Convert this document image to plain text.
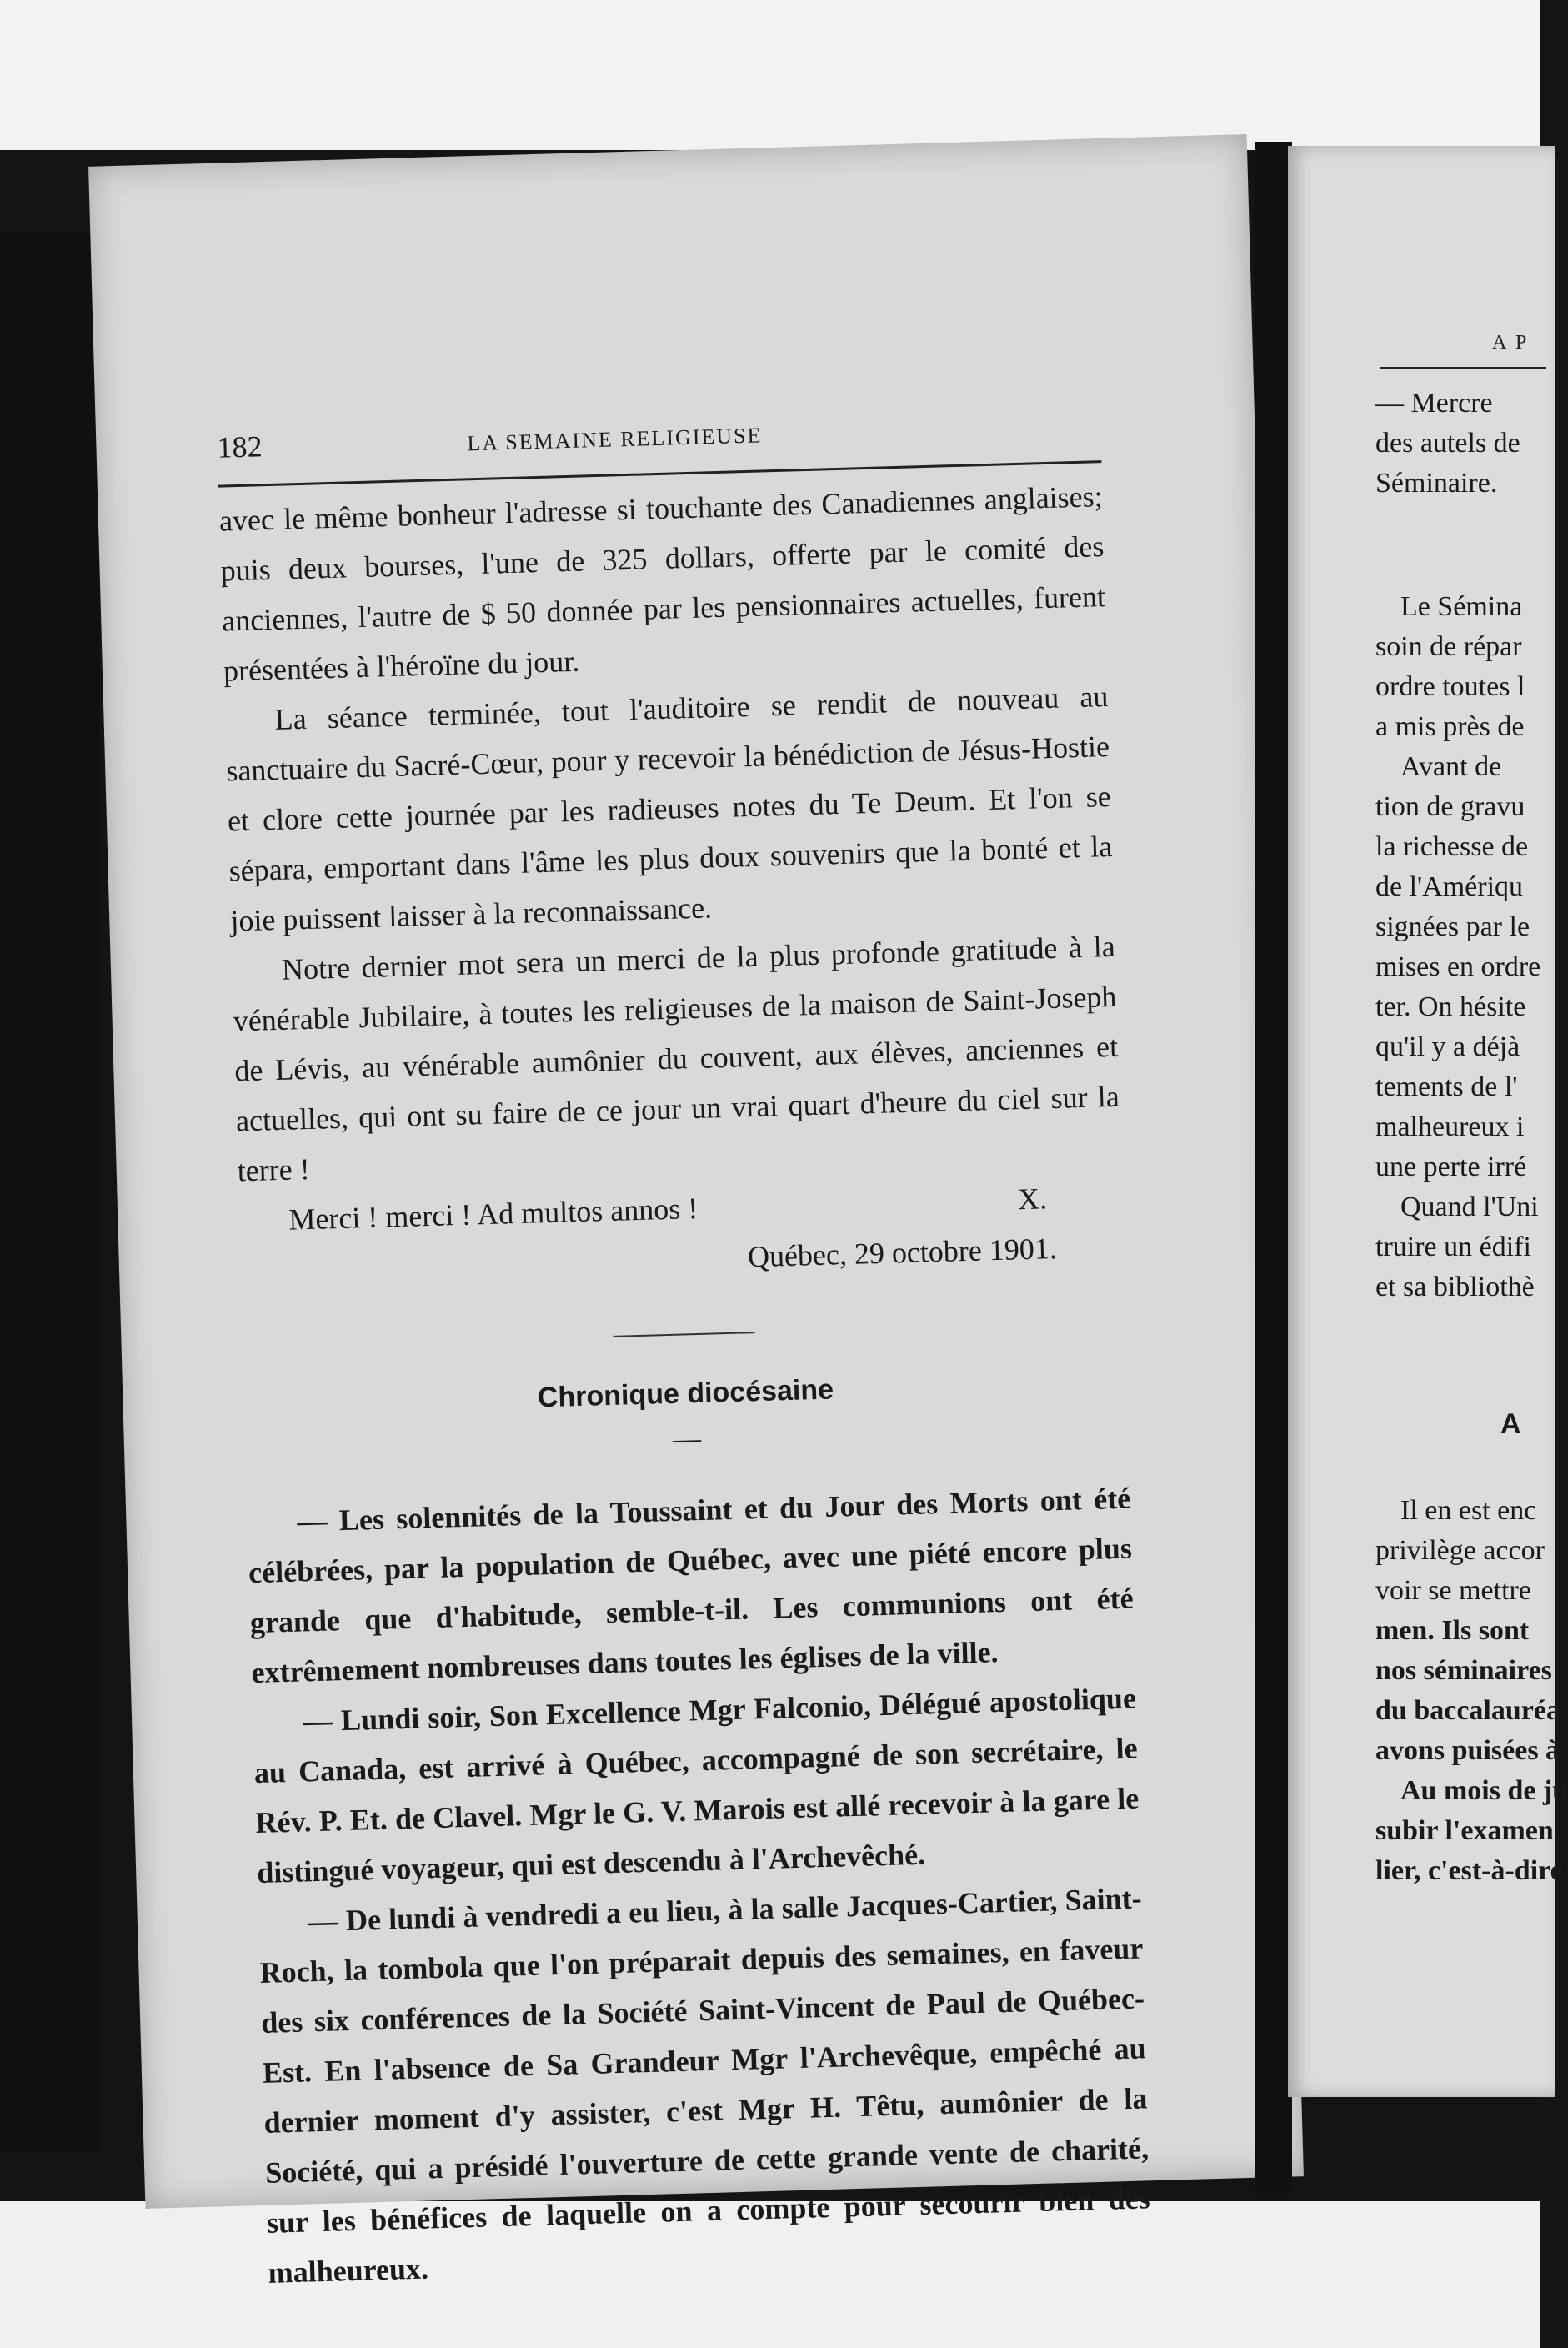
182	LA SEMAINE RELIGIEUSE

avec le même bonheur l'adresse si touchante des Canadiennes anglaises; puis deux bourses, l'une de 325 dollars, offerte par le comité des anciennes, l'autre de $ 50 donnée par les pensionnaires actuelles, furent présentées à l'héroïne du jour.

La séance terminée, tout l'auditoire se rendit de nouveau au sanctuaire du Sacré-Cœur, pour y recevoir la bénédiction de Jésus-Hostie et clore cette journée par les radieuses notes du Te Deum. Et l'on se sépara, emportant dans l'âme les plus doux souvenirs que la bonté et la joie puissent laisser à la reconnaissance.

Notre dernier mot sera un merci de la plus profonde gratitude à la vénérable Jubilaire, à toutes les religieuses de la maison de Saint-Joseph de Lévis, au vénérable aumônier du couvent, aux élèves, anciennes et actuelles, qui ont su faire de ce jour un vrai quart d'heure du ciel sur la terre !

Merci ! merci ! Ad multos annos !	X.
Québec, 29 octobre 1901.

Chronique diocésaine

—

— Les solennités de la Toussaint et du Jour des Morts ont été célébrées, par la population de Québec, avec une piété encore plus grande que d'habitude, semble-t-il. Les communions ont été extrêmement nombreuses dans toutes les églises de la ville.

— Lundi soir, Son Excellence Mgr Falconio, Délégué apostolique au Canada, est arrivé à Québec, accompagné de son secrétaire, le Rév. P. Et. de Clavel. Mgr le G. V. Marois est allé recevoir à la gare le distingué voyageur, qui est descendu à l'Archevêché.

— De lundi à vendredi a eu lieu, à la salle Jacques-Cartier, Saint-Roch, la tombola que l'on préparait depuis des semaines, en faveur des six conférences de la Société Saint-Vincent de Paul de Québec-Est. En l'absence de Sa Grandeur Mgr l'Archevêque, empêché au dernier moment d'y assister, c'est Mgr H. Têtu, aumônier de la Société, qui a présidé l'ouverture de cette grande vente de charité, sur les bénéfices de laquelle on a compté pour secourir bien des malheureux.

A P
— Mercre
des autels de
Séminaire.
Le Sémina
soin de répar
ordre toutes l
a mis près de
Avant de
tion de gravu
la richesse de
de l'Amériqu
signées par le
mises en ordre
ter. On hésite
qu'il y a déjà
tements de l'
malheureux i
une perte irré
Quand l'Uni
truire un édifi
et sa bibliothè
A
Il en est enc
privilège accor
voir se mettre
men. Ils sont
nos séminaires
du baccalauréa
avons puisées à
Au mois de ju
subir l'examen
lier, c'est-à-dire
